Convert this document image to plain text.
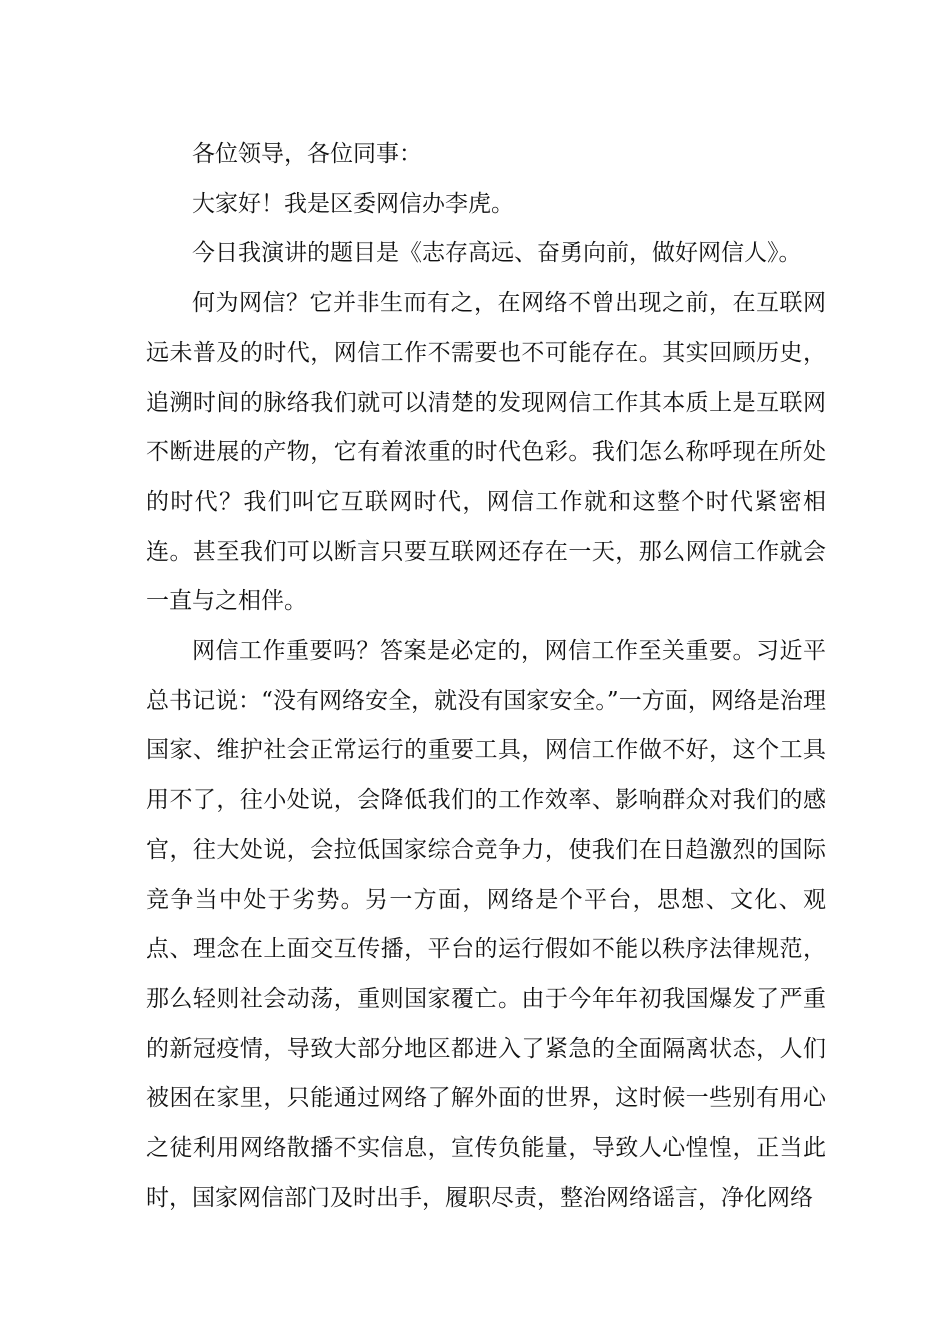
各位领导，各位同事：

大家好！我是区委网信办李虎。

今日我演讲的题目是《志存高远、奋勇向前，做好网信人》。

何为网信？它并非生而有之，在网络不曾出现之前，在互联网远未普及的时代，网信工作不需要也不可能存在。其实回顾历史，追溯时间的脉络我们就可以清楚的发现网信工作其本质上是互联网不断进展的产物，它有着浓重的时代色彩。我们怎么称呼现在所处的时代？我们叫它互联网时代，网信工作就和这整个时代紧密相连。甚至我们可以断言只要互联网还存在一天，那么网信工作就会一直与之相伴。

网信工作重要吗？答案是必定的，网信工作至关重要。习近平总书记说：“没有网络安全，就没有国家安全。”一方面，网络是治理国家、维护社会正常运行的重要工具，网信工作做不好，这个工具用不了，往小处说，会降低我们的工作效率、影响群众对我们的感官，往大处说，会拉低国家综合竞争力，使我们在日趋激烈的国际竞争当中处于劣势。另一方面，网络是个平台，思想、文化、观点、理念在上面交互传播，平台的运行假如不能以秩序法律规范，那么轻则社会动荡，重则国家覆亡。由于今年年初我国爆发了严重的新冠疫情，导致大部分地区都进入了紧急的全面隔离状态，人们被困在家里，只能通过网络了解外面的世界，这时候一些别有用心之徒利用网络散播不实信息，宣传负能量，导致人心惶惶，正当此时，国家网信部门及时出手，履职尽责，整治网络谣言，净化网络
